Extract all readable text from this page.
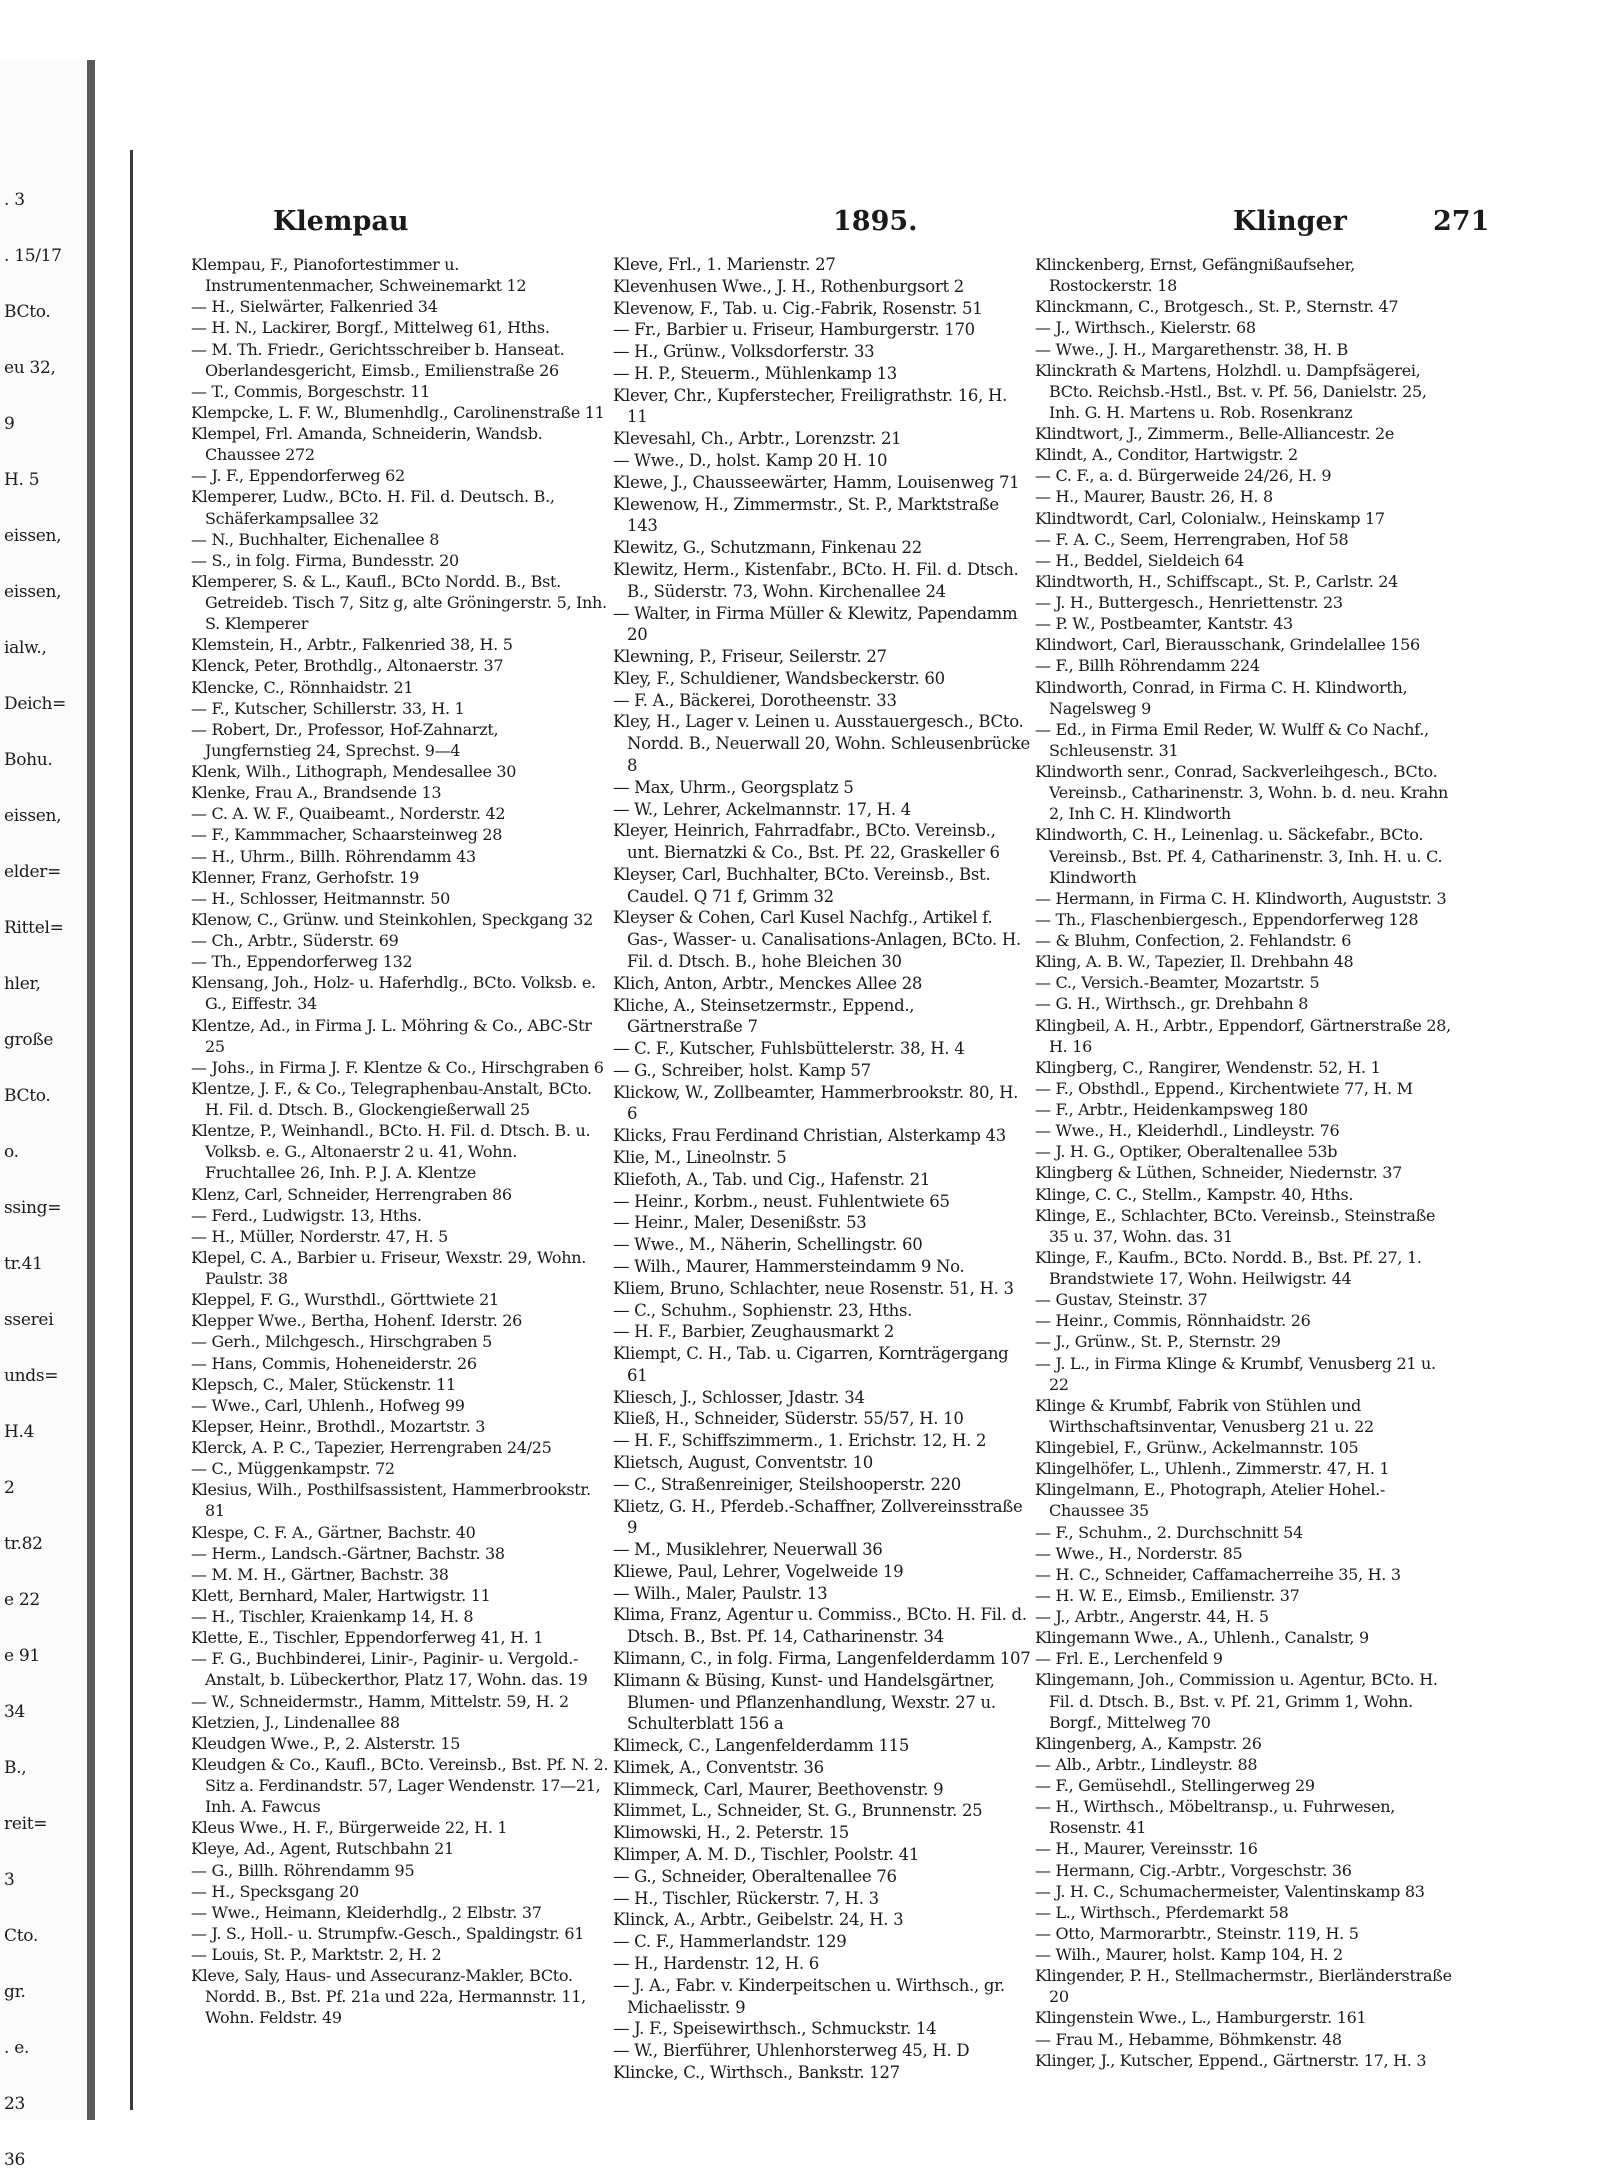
. 3
. 15/17
BCto.
eu 32,
9
H. 5
eissen,
eissen,
ialw.,
Deich=
Bohu.
eissen,
elder=
Rittel=
hler,
große
BCto.
o.
ssing=
tr.41
sserei
unds=
H.4
2
tr.82
e 22
e 91
34
B.,
reit=
3
Cto.
gr.
. e.
23
36
Klempau	1895.	Klinger	271
Klempau, F., Pianofortestimmer u. Instrumentenmacher, Schweinemarkt 12
— H., Sielwärter, Falkenried 34
— H. N., Lackirer, Borgf., Mittelweg 61, Hths.
— M. Th. Friedr., Gerichtsschreiber b. Hanseat. Oberlandesgericht, Eimsb., Emilienstraße 26
— T., Commis, Borgeschstr. 11
Klempcke, L. F. W., Blumenhdlg., Carolinenstraße 11
Klempel, Frl. Amanda, Schneiderin, Wandsb. Chaussee 272
— J. F., Eppendorferweg 62
Klemperer, Ludw., BCto. H. Fil. d. Deutsch. B., Schäferkampsallee 32
— N., Buchhalter, Eichenallee 8
— S., in folg. Firma, Bundesstr. 20
Klemperer, S. & L., Kaufl., BCto Nordd. B., Bst. Getreideb. Tisch 7, Sitz g, alte Gröningerstr. 5, Inh. S. Klemperer
Klemstein, H., Arbtr., Falkenried 38, H. 5
Klenck, Peter, Brothdlg., Altonaerstr. 37
Klencke, C., Rönnhaidstr. 21
— F., Kutscher, Schillerstr. 33, H. 1
— Robert, Dr., Professor, Hof-Zahnarzt, Jungfernstieg 24, Sprechst. 9—4
Klenk, Wilh., Lithograph, Mendesallee 30
Klenke, Frau A., Brandsende 13
— C. A. W. F., Quaibeamt., Norderstr. 42
— F., Kammmacher, Schaarsteinweg 28
— H., Uhrm., Billh. Röhrendamm 43
Klenner, Franz, Gerhofstr. 19
— H., Schlosser, Heitmannstr. 50
Klenow, C., Grünw. und Steinkohlen, Speckgang 32
— Ch., Arbtr., Süderstr. 69
— Th., Eppendorferweg 132
Klensang, Joh., Holz- u. Haferhdlg., BCto. Volksb. e. G., Eiffestr. 34
Klentze, Ad., in Firma J. L. Möhring & Co., ABC-Str 25
— Johs., in Firma J. F. Klentze & Co., Hirschgraben 6
Klentze, J. F., & Co., Telegraphenbau-Anstalt, BCto. H. Fil. d. Dtsch. B., Glockengießerwall 25
Klentze, P., Weinhandl., BCto. H. Fil. d. Dtsch. B. u. Volksb. e. G., Altonaerstr 2 u. 41, Wohn. Fruchtallee 26, Inh. P. J. A. Klentze
Klenz, Carl, Schneider, Herrengraben 86
— Ferd., Ludwigstr. 13, Hths.
— H., Müller, Norderstr. 47, H. 5
Klepel, C. A., Barbier u. Friseur, Wexstr. 29, Wohn. Paulstr. 38
Kleppel, F. G., Wursthdl., Görttwiete 21
Klepper Wwe., Bertha, Hohenf. Iderstr. 26
— Gerh., Milchgesch., Hirschgraben 5
— Hans, Commis, Hoheneiderstr. 26
Klepsch, C., Maler, Stückenstr. 11
— Wwe., Carl, Uhlenh., Hofweg 99
Klepser, Heinr., Brothdl., Mozartstr. 3
Klerck, A. P. C., Tapezier, Herrengraben 24/25
— C., Müggenkampstr. 72
Klesius, Wilh., Posthilfsassistent, Hammerbrookstr. 81
Klespe, C. F. A., Gärtner, Bachstr. 40
— Herm., Landsch.-Gärtner, Bachstr. 38
— M. M. H., Gärtner, Bachstr. 38
Klett, Bernhard, Maler, Hartwigstr. 11
— H., Tischler, Kraienkamp 14, H. 8
Klette, E., Tischler, Eppendorferweg 41, H. 1
— F. G., Buchbinderei, Linir-, Paginir- u. Vergold.-Anstalt, b. Lübeckerthor, Platz 17, Wohn. das. 19
— W., Schneidermstr., Hamm, Mittelstr. 59, H. 2
Kletzien, J., Lindenallee 88
Kleudgen Wwe., P., 2. Alsterstr. 15
Kleudgen & Co., Kaufl., BCto. Vereinsb., Bst. Pf. N. 2. Sitz a. Ferdinandstr. 57, Lager Wendenstr. 17—21, Inh. A. Fawcus
Kleus Wwe., H. F., Bürgerweide 22, H. 1
Kleye, Ad., Agent, Rutschbahn 21
— G., Billh. Röhrendamm 95
— H., Specksgang 20
— Wwe., Heimann, Kleiderhdlg., 2 Elbstr. 37
— J. S., Holl.- u. Strumpfw.-Gesch., Spaldingstr. 61
— Louis, St. P., Marktstr. 2, H. 2
Kleve, Saly, Haus- und Assecuranz-Makler, BCto. Nordd. B., Bst. Pf. 21a und 22a, Hermannstr. 11, Wohn. Feldstr. 49
Kleve, Frl., 1. Marienstr. 27
Klevenhusen Wwe., J. H., Rothenburgsort 2
Klevenow, F., Tab. u. Cig.-Fabrik, Rosenstr. 51
— Fr., Barbier u. Friseur, Hamburgerstr. 170
— H., Grünw., Volksdorferstr. 33
— H. P., Steuerm., Mühlenkamp 13
Klever, Chr., Kupferstecher, Freiligrathstr. 16, H. 11
Klevesahl, Ch., Arbtr., Lorenzstr. 21
— Wwe., D., holst. Kamp 20 H. 10
Klewe, J., Chausseewärter, Hamm, Louisenweg 71
Klewenow, H., Zimmermstr., St. P., Marktstraße 143
Klewitz, G., Schutzmann, Finkenau 22
Klewitz, Herm., Kistenfabr., BCto. H. Fil. d. Dtsch. B., Süderstr. 73, Wohn. Kirchenallee 24
— Walter, in Firma Müller & Klewitz, Papendamm 20
Klewning, P., Friseur, Seilerstr. 27
Kley, F., Schuldiener, Wandsbeckerstr. 60
— F. A., Bäckerei, Dorotheenstr. 33
Kley, H., Lager v. Leinen u. Ausstauergesch., BCto. Nordd. B., Neuerwall 20, Wohn. Schleusenbrücke 8
— Max, Uhrm., Georgsplatz 5
— W., Lehrer, Ackelmannstr. 17, H. 4
Kleyer, Heinrich, Fahrradfabr., BCto. Vereinsb., unt. Biernatzki & Co., Bst. Pf. 22, Graskeller 6
Kleyser, Carl, Buchhalter, BCto. Vereinsb., Bst. Caudel. Q 71 f, Grimm 32
Kleyser & Cohen, Carl Kusel Nachfg., Artikel f. Gas-, Wasser- u. Canalisations-Anlagen, BCto. H. Fil. d. Dtsch. B., hohe Bleichen 30
Klich, Anton, Arbtr., Menckes Allee 28
Kliche, A., Steinsetzermstr., Eppend., Gärtnerstraße 7
— C. F., Kutscher, Fuhlsbüttelerstr. 38, H. 4
— G., Schreiber, holst. Kamp 57
Klickow, W., Zollbeamter, Hammerbrookstr. 80, H. 6
Klicks, Frau Ferdinand Christian, Alsterkamp 43
Klie, M., Lineolnstr. 5
Kliefoth, A., Tab. und Cig., Hafenstr. 21
— Heinr., Korbm., neust. Fuhlentwiete 65
— Heinr., Maler, Desenißstr. 53
— Wwe., M., Näherin, Schellingstr. 60
— Wilh., Maurer, Hammersteindamm 9 No.
Kliem, Bruno, Schlachter, neue Rosenstr. 51, H. 3
— C., Schuhm., Sophienstr. 23, Hths.
— H. F., Barbier, Zeughausmarkt 2
Kliempt, C. H., Tab. u. Cigarren, Kornträgergang 61
Kliesch, J., Schlosser, Jdastr. 34
Kließ, H., Schneider, Süderstr. 55/57, H. 10
— H. F., Schiffszimmerm., 1. Erichstr. 12, H. 2
Klietsch, August, Conventstr. 10
— C., Straßenreiniger, Steilshooperstr. 220
Klietz, G. H., Pferdeb.-Schaffner, Zollvereinsstraße 9
— M., Musiklehrer, Neuerwall 36
Kliewe, Paul, Lehrer, Vogelweide 19
— Wilh., Maler, Paulstr. 13
Klima, Franz, Agentur u. Commiss., BCto. H. Fil. d. Dtsch. B., Bst. Pf. 14, Catharinenstr. 34
Klimann, C., in folg. Firma, Langenfelderdamm 107
Klimann & Büsing, Kunst- und Handelsgärtner, Blumen- und Pflanzenhandlung, Wexstr. 27 u. Schulterblatt 156 a
Klimeck, C., Langenfelderdamm 115
Klimek, A., Conventstr. 36
Klimmeck, Carl, Maurer, Beethovenstr. 9
Klimmet, L., Schneider, St. G., Brunnenstr. 25
Klimowski, H., 2. Peterstr. 15
Klimper, A. M. D., Tischler, Poolstr. 41
— G., Schneider, Oberaltenallee 76
— H., Tischler, Rückerstr. 7, H. 3
Klinck, A., Arbtr., Geibelstr. 24, H. 3
— C. F., Hammerlandstr. 129
— H., Hardenstr. 12, H. 6
— J. A., Fabr. v. Kinderpeitschen u. Wirthsch., gr. Michaelisstr. 9
— J. F., Speisewirthsch., Schmuckstr. 14
— W., Bierführer, Uhlenhorsterweg 45, H. D
Klincke, C., Wirthsch., Bankstr. 127
Klinckenberg, Ernst, Gefängnißaufseher, Rostockerstr. 18
Klinckmann, C., Brotgesch., St. P., Sternstr. 47
— J., Wirthsch., Kielerstr. 68
— Wwe., J. H., Margarethenstr. 38, H. B
Klinckrath & Martens, Holzhdl. u. Dampfsägerei, BCto. Reichsb.-Hstl., Bst. v. Pf. 56, Danielstr. 25, Inh. G. H. Martens u. Rob. Rosenkranz
Klindtwort, J., Zimmerm., Belle-Alliancestr. 2e
Klindt, A., Conditor, Hartwigstr. 2
— C. F., a. d. Bürgerweide 24/26, H. 9
— H., Maurer, Baustr. 26, H. 8
Klindtwordt, Carl, Colonialw., Heinskamp 17
— F. A. C., Seem, Herrengraben, Hof 58
— H., Beddel, Sieldeich 64
Klindtworth, H., Schiffscapt., St. P., Carlstr. 24
— J. H., Buttergesch., Henriettenstr. 23
— P. W., Postbeamter, Kantstr. 43
Klindwort, Carl, Bierausschank, Grindelallee 156
— F., Billh Röhrendamm 224
Klindworth, Conrad, in Firma C. H. Klindworth, Nagelsweg 9
— Ed., in Firma Emil Reder, W. Wulff & Co Nachf., Schleusenstr. 31
Klindworth senr., Conrad, Sackverleihgesch., BCto. Vereinsb., Catharinenstr. 3, Wohn. b. d. neu. Krahn 2, Inh C. H. Klindworth
Klindworth, C. H., Leinenlag. u. Säckefabr., BCto. Vereinsb., Bst. Pf. 4, Catharinenstr. 3, Inh. H. u. C. Klindworth
— Hermann, in Firma C. H. Klindworth, Auguststr. 3
— Th., Flaschenbiergesch., Eppendorferweg 128
— & Bluhm, Confection, 2. Fehlandstr. 6
Kling, A. B. W., Tapezier, Il. Drehbahn 48
— C., Versich.-Beamter, Mozartstr. 5
— G. H., Wirthsch., gr. Drehbahn 8
Klingbeil, A. H., Arbtr., Eppendorf, Gärtnerstraße 28, H. 16
Klingberg, C., Rangirer, Wendenstr. 52, H. 1
— F., Obsthdl., Eppend., Kirchentwiete 77, H. M
— F., Arbtr., Heidenkampsweg 180
— Wwe., H., Kleiderhdl., Lindleystr. 76
— J. H. G., Optiker, Oberaltenallee 53b
Klingberg & Lüthen, Schneider, Niedernstr. 37
Klinge, C. C., Stellm., Kampstr. 40, Hths.
Klinge, E., Schlachter, BCto. Vereinsb., Steinstraße 35 u. 37, Wohn. das. 31
Klinge, F., Kaufm., BCto. Nordd. B., Bst. Pf. 27, 1. Brandstwiete 17, Wohn. Heilwigstr. 44
— Gustav, Steinstr. 37
— Heinr., Commis, Rönnhaidstr. 26
— J., Grünw., St. P., Sternstr. 29
— J. L., in Firma Klinge & Krumbf, Venusberg 21 u. 22
Klinge & Krumbf, Fabrik von Stühlen und Wirthschaftsinventar, Venusberg 21 u. 22
Klingebiel, F., Grünw., Ackelmannstr. 105
Klingelhöfer, L., Uhlenh., Zimmerstr. 47, H. 1
Klingelmann, E., Photograph, Atelier Hohel.-Chaussee 35
— F., Schuhm., 2. Durchschnitt 54
— Wwe., H., Norderstr. 85
— H. C., Schneider, Caffamacherreihe 35, H. 3
— H. W. E., Eimsb., Emilienstr. 37
— J., Arbtr., Angerstr. 44, H. 5
Klingemann Wwe., A., Uhlenh., Canalstr, 9
— Frl. E., Lerchenfeld 9
Klingemann, Joh., Commission u. Agentur, BCto. H. Fil. d. Dtsch. B., Bst. v. Pf. 21, Grimm 1, Wohn. Borgf., Mittelweg 70
Klingenberg, A., Kampstr. 26
— Alb., Arbtr., Lindleystr. 88
— F., Gemüsehdl., Stellingerweg 29
— H., Wirthsch., Möbeltransp., u. Fuhrwesen, Rosenstr. 41
— H., Maurer, Vereinsstr. 16
— Hermann, Cig.-Arbtr., Vorgeschstr. 36
— J. H. C., Schumachermeister, Valentinskamp 83
— L., Wirthsch., Pferdemarkt 58
— Otto, Marmorarbtr., Steinstr. 119, H. 5
— Wilh., Maurer, holst. Kamp 104, H. 2
Klingender, P. H., Stellmachermstr., Bierländerstraße 20
Klingenstein Wwe., L., Hamburgerstr. 161
— Frau M., Hebamme, Böhmkenstr. 48
Klinger, J., Kutscher, Eppend., Gärtnerstr. 17, H. 3
